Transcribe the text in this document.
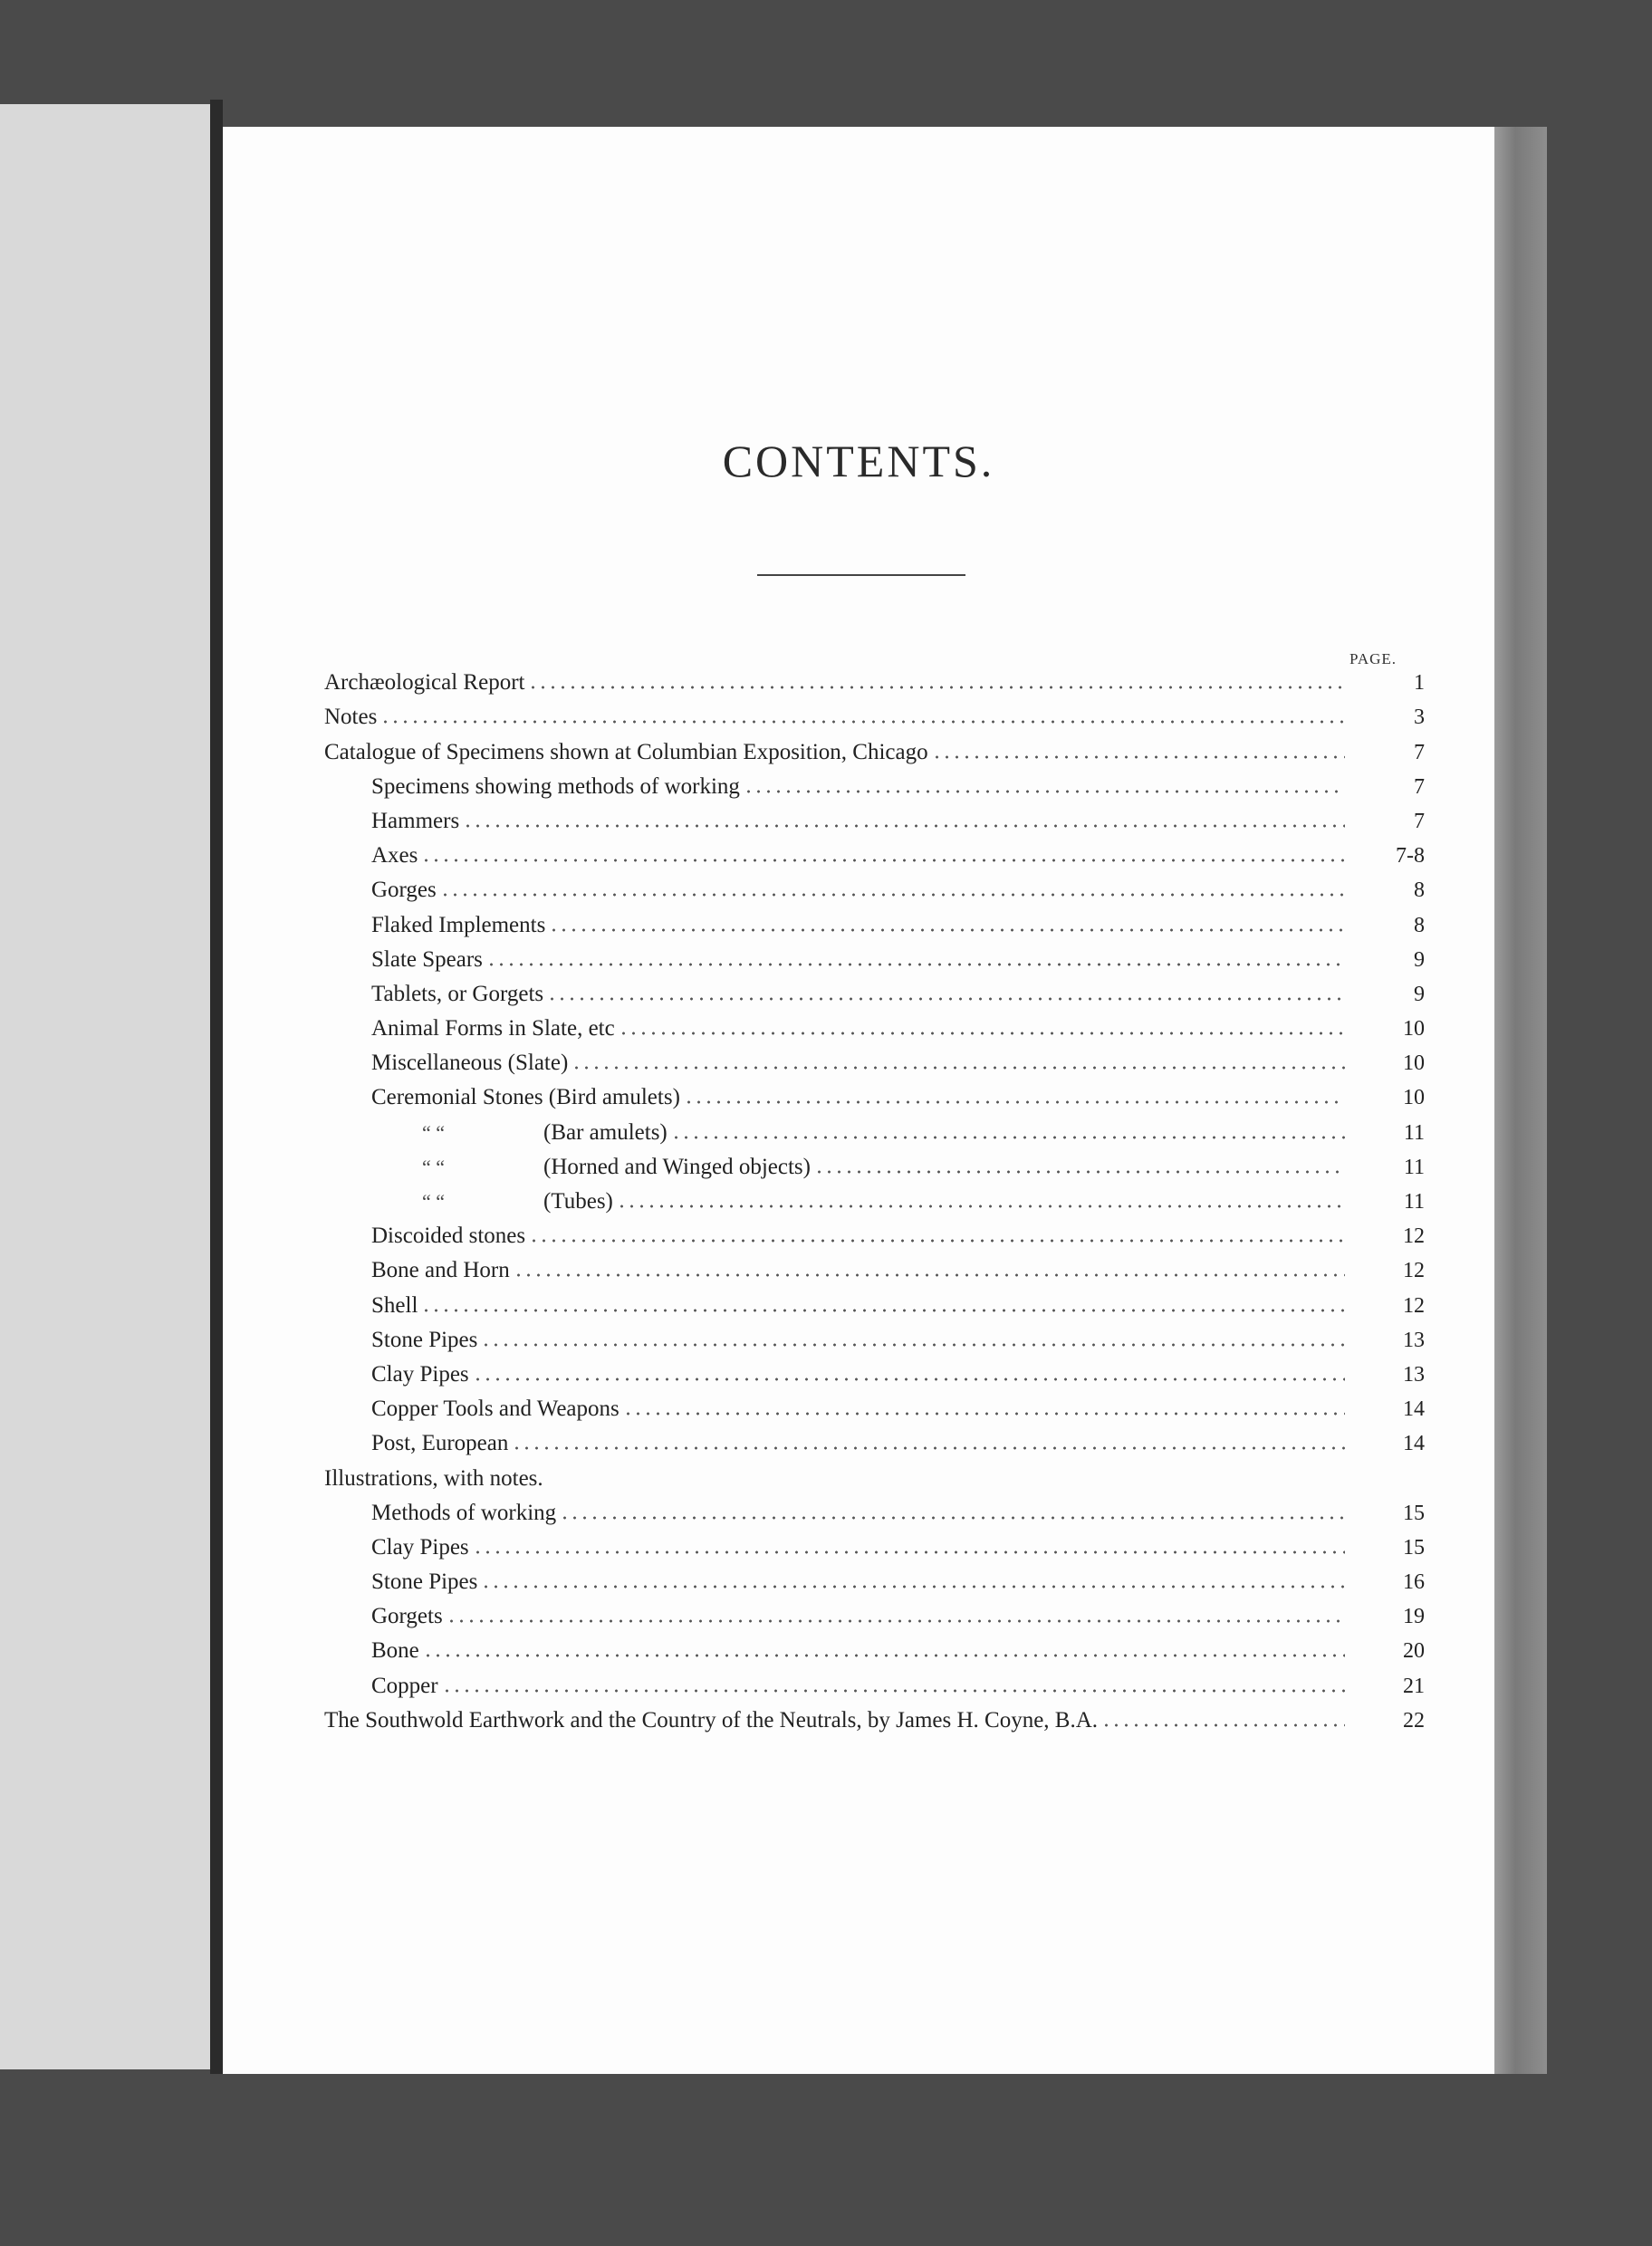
CONTENTS.
PAGE.
Archæological Report	1
Notes	3
Catalogue of Specimens shown at Columbian Exposition, Chicago	7
Specimens showing methods of working	7
Hammers	7
Axes	7-8
Gorges	8
Flaked Implements	8
Slate Spears	9
Tablets, or Gorgets	9
Animal Forms in Slate, etc	10
Miscellaneous (Slate)	10
Ceremonial Stones (Bird amulets)	10
“ “	(Bar amulets)	11
“ “	(Horned and Winged objects)	11
“ “	(Tubes)	11
Discoided stones	12
Bone and Horn	12
Shell	12
Stone Pipes	13
Clay Pipes	13
Copper Tools and Weapons	14
Post, European	14
Illustrations, with notes.
Methods of working	15
Clay Pipes	15
Stone Pipes	16
Gorgets	19
Bone	20
Copper	21
The Southwold Earthwork and the Country of the Neutrals, by James H. Coyne, B.A.	22
